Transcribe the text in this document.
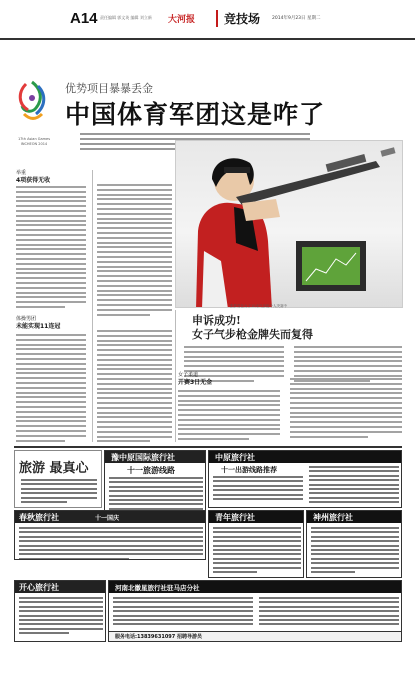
A14 责任编辑 郭文英 编辑 刘立新 大河报	竞技场	2014年9月23日 星期二
17th Asian Games INCHEON 2014
优势项目暴暴丢金
中国体育军团这是咋了
举重
4项获得无收
体操男团
未能实现11连冠
张梦雪在女子10米气步枪个人决赛中
申诉成功!
女子气步枪金牌失而复得
女子柔道
开赛3日无金
旅游 最真心
豫中原国际旅行社
十一旅游线路
中原旅行社
十一出游线路推荐
春秋旅行社	十一国庆	青年旅行社	神州旅行社
开心旅行社	河南北徽星旅行社驻马店分社
服务电话:13839631097 招聘导游员
